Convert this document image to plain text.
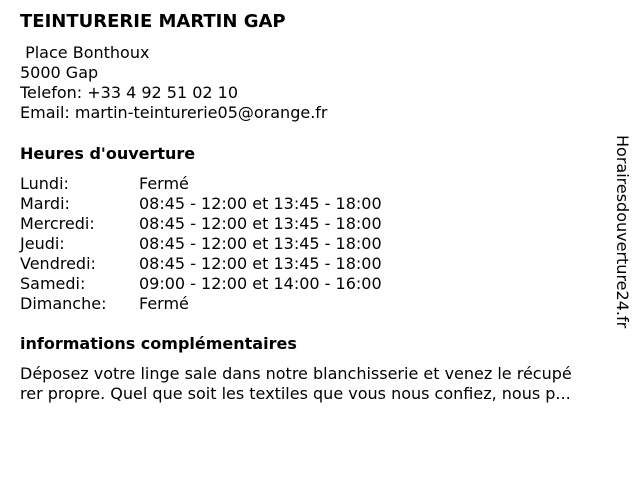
TEINTURERIE MARTIN GAP
Place Bonthoux
5000 Gap
Telefon: +33 4 92 51 02 10
Email: martin-teinturerie05@orange.fr
Heures d'ouverture
Lundi:	Fermé
Mardi:	08:45 - 12:00 et 13:45 - 18:00
Mercredi:	08:45 - 12:00 et 13:45 - 18:00
Jeudi:	08:45 - 12:00 et 13:45 - 18:00
Vendredi:	08:45 - 12:00 et 13:45 - 18:00
Samedi:	09:00 - 12:00 et 14:00 - 16:00
Dimanche: Fermé
informations complémentaires
Déposez votre linge sale dans notre blanchisserie et venez le récupé
rer propre. Quel que soit les textiles que vous nous confiez, nous p...
Horairesdouverture24.fr
